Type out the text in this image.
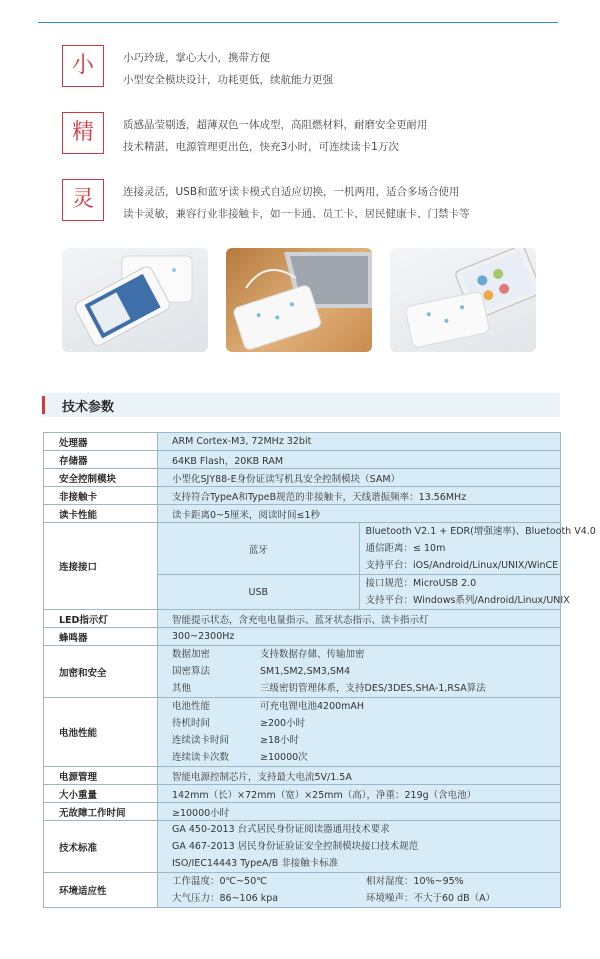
小	小巧玲珑，掌心大小，携带方便
小型安全模块设计，功耗更低，续航能力更强
精	质感晶莹剔透，超薄双色一体成型，高阻燃材料，耐磨安全更耐用
技术精湛，电源管理更出色，快充3小时，可连续读卡1万次
灵	连接灵活，USB和蓝牙读卡模式自适应切换，一机两用，适合多场合使用
读卡灵敏，兼容行业非接触卡，如一卡通、员工卡、居民健康卡、门禁卡等
技术参数
处理器	ARM Cortex-M3, 72MHz 32bit	
存储器	64KB Flash，20KB RAM	
安全控制模块	小型化SJY88-E身份证读写机具安全控制模块（SAM）	
非接触卡	支持符合TypeA和TypeB规范的非接触卡，天线谐振频率：13.56MHz	
读卡性能	读卡距离0~5厘米，阅读时间≤1秒	
连接接口	蓝牙	Bluetooth V2.1 + EDR(增强速率)、Bluetooth V4.0
通信距离：≤ 10m
支持平台：iOS/Android/Linux/UNIX/WinCE

	USB	接口规范：MicroUSB 2.0
支持平台：Windows系列/Android/Linux/UNIX

LED指示灯	智能提示状态，含充电电量指示、蓝牙状态指示、读卡指示灯	
蜂鸣器	300~2300Hz	
加密和安全	数据加密 支持数据存储、传输加密
国密算法 SM1,SM2,SM3,SM4
其他 三级密钥管理体系，支持DES/3DES,SHA-1,RSA算法	

电池性能	电池性能 可充电锂电池4200mAH
待机时间 ≥200小时
连续读卡时间 ≥18小时
连续读卡次数 ≥10000次	

电源管理	智能电源控制芯片，支持最大电流5V/1.5A	
大小重量	142mm（长）×72mm（宽）×25mm（高），净重：219g（含电池）	
无故障工作时间	≥10000小时	
技术标准	GA 450-2013 台式居民身份证阅读器通用技术要求
GA 467-2013 居民身份证验证安全控制模块接口技术规范
ISO/IEC14443 TypeA/B 非接触卡标准	

环境适应性	工作温度：0℃~50℃ 相对湿度：10%~95%
大气压力：86~106 kpa 环境噪声：不大于60 dB（A）	
